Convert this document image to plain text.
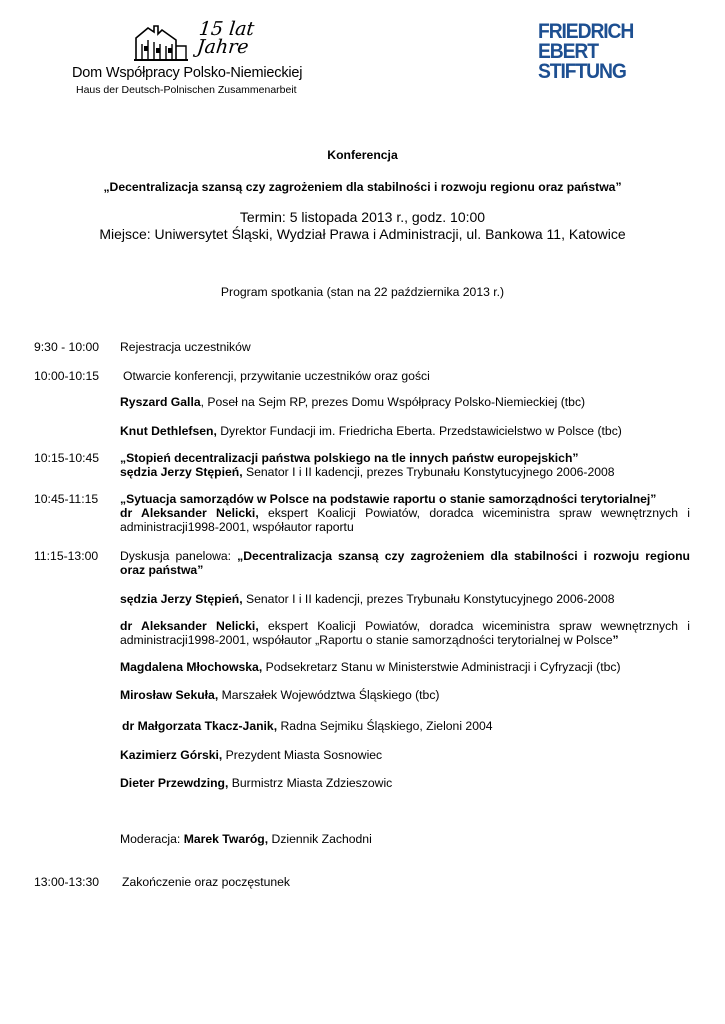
15 lat
Jahre
Dom Współpracy Polsko-Niemieckiej
Haus der Deutsch-Polnischen Zusammenarbeit
FRIEDRICH
EBERT
STIFTUNG
Konferencja
„Decentralizacja szansą czy zagrożeniem dla stabilności i rozwoju regionu oraz państwa”
Termin: 5 listopada 2013 r., godz. 10:00
Miejsce: Uniwersytet Śląski, Wydział Prawa i Administracji, ul. Bankowa 11, Katowice
Program spotkania (stan na 22 października 2013 r.)
9:30 - 10:00 Rejestracja uczestników
10:00-10:15 Otwarcie konferencji, przywitanie uczestników oraz gości
Ryszard Galla, Poseł na Sejm RP, prezes Domu Współpracy Polsko-Niemieckiej (tbc)
Knut Dethlefsen, Dyrektor Fundacji im. Friedricha Eberta. Przedstawicielstwo w Polsce (tbc)
10:15-10:45 „Stopień decentralizacji państwa polskiego na tle innych państw europejskich”
sędzia Jerzy Stępień, Senator I i II kadencji, prezes Trybunału Konstytucyjnego 2006-2008
10:45-11:15 „Sytuacja samorządów w Polsce na podstawie raportu o stanie samorządności terytorialnej”
dr Aleksander Nelicki, ekspert Koalicji Powiatów, doradca wiceministra spraw wewnętrznych i administracji1998-2001, współautor raportu
11:15-13:00 Dyskusja panelowa: „Decentralizacja szansą czy zagrożeniem dla stabilności i rozwoju regionu oraz państwa”
sędzia Jerzy Stępień, Senator I i II kadencji, prezes Trybunału Konstytucyjnego 2006-2008
dr Aleksander Nelicki, ekspert Koalicji Powiatów, doradca wiceministra spraw wewnętrznych i administracji1998-2001, współautor „Raportu o stanie samorządności terytorialnej w Polsce”
Magdalena Młochowska, Podsekretarz Stanu w Ministerstwie Administracji i Cyfryzacji (tbc)
Mirosław Sekuła, Marszałek Województwa Śląskiego (tbc)
dr Małgorzata Tkacz-Janik, Radna Sejmiku Śląskiego, Zieloni 2004
Kazimierz Górski, Prezydent Miasta Sosnowiec
Dieter Przewdzing, Burmistrz Miasta Zdzieszowic
Moderacja: Marek Twaróg, Dziennik Zachodni
13:00-13:30 Zakończenie oraz poczęstunek
